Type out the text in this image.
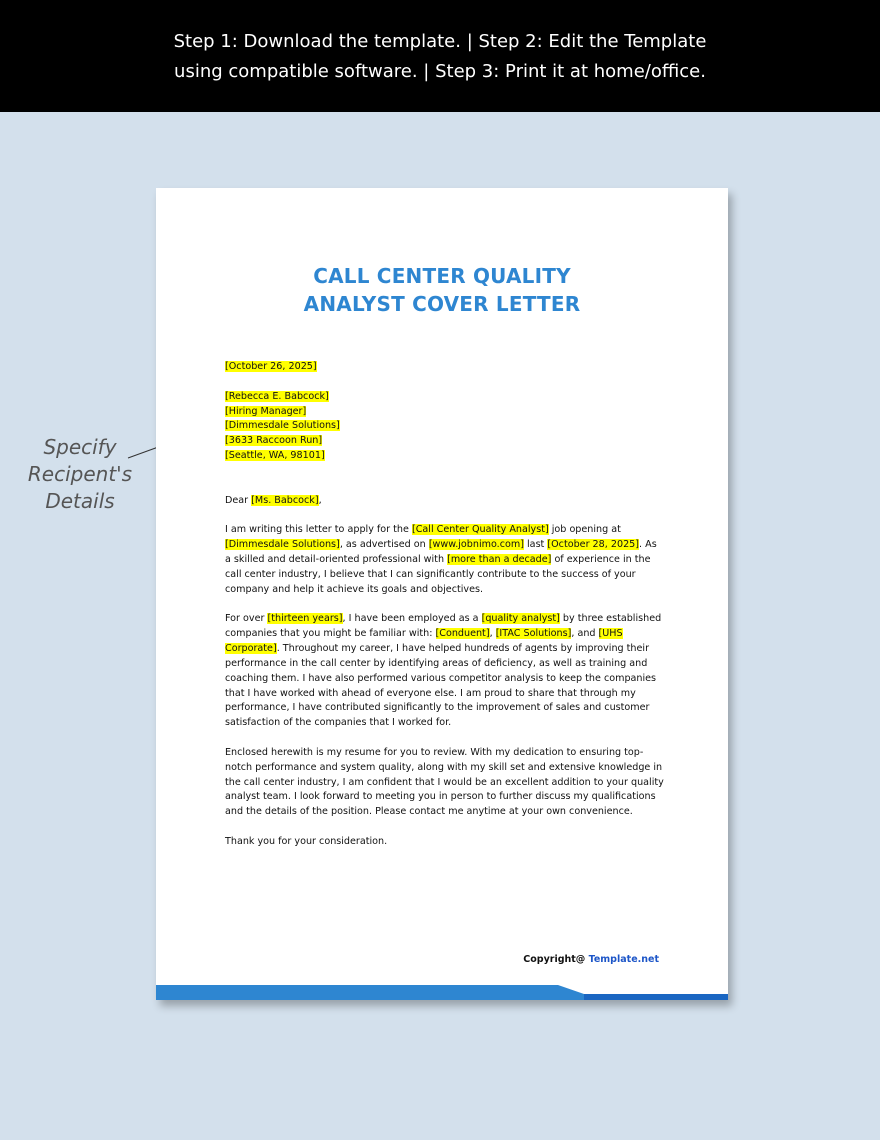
Step 1: Download the template. | Step 2: Edit the Template
using compatible software. | Step 3: Print it at home/office.
Specify
Recipent's
Details
CALL CENTER QUALITY
ANALYST COVER LETTER

[October 26, 2025]

[Rebecca E. Babcock]
[Hiring Manager]
[Dimmesdale Solutions]
[3633 Raccoon Run]
[Seattle, WA, 98101]

Dear [Ms. Babcock],

I am writing this letter to apply for the [Call Center Quality Analyst] job opening at [Dimmesdale Solutions], as advertised on [www.jobnimo.com] last [October 28, 2025]. As a skilled and detail-oriented professional with [more than a decade] of experience in the call center industry, I believe that I can significantly contribute to the success of your company and help it achieve its goals and objectives.

For over [thirteen years], I have been employed as a [quality analyst] by three established companies that you might be familiar with: [Conduent], [ITAC Solutions], and [UHS Corporate]. Throughout my career, I have helped hundreds of agents by improving their performance in the call center by identifying areas of deficiency, as well as training and coaching them. I have also performed various competitor analysis to keep the companies that I have worked with ahead of everyone else. I am proud to share that through my performance, I have contributed significantly to the improvement of sales and customer satisfaction of the companies that I worked for.

Enclosed herewith is my resume for you to review. With my dedication to ensuring top-notch performance and system quality, along with my skill set and extensive knowledge in the call center industry, I am confident that I would be an excellent addition to your quality analyst team. I look forward to meeting you in person to further discuss my qualifications and the details of the position. Please contact me anytime at your own convenience.

Thank you for your consideration.

Copyright@ Template.net
